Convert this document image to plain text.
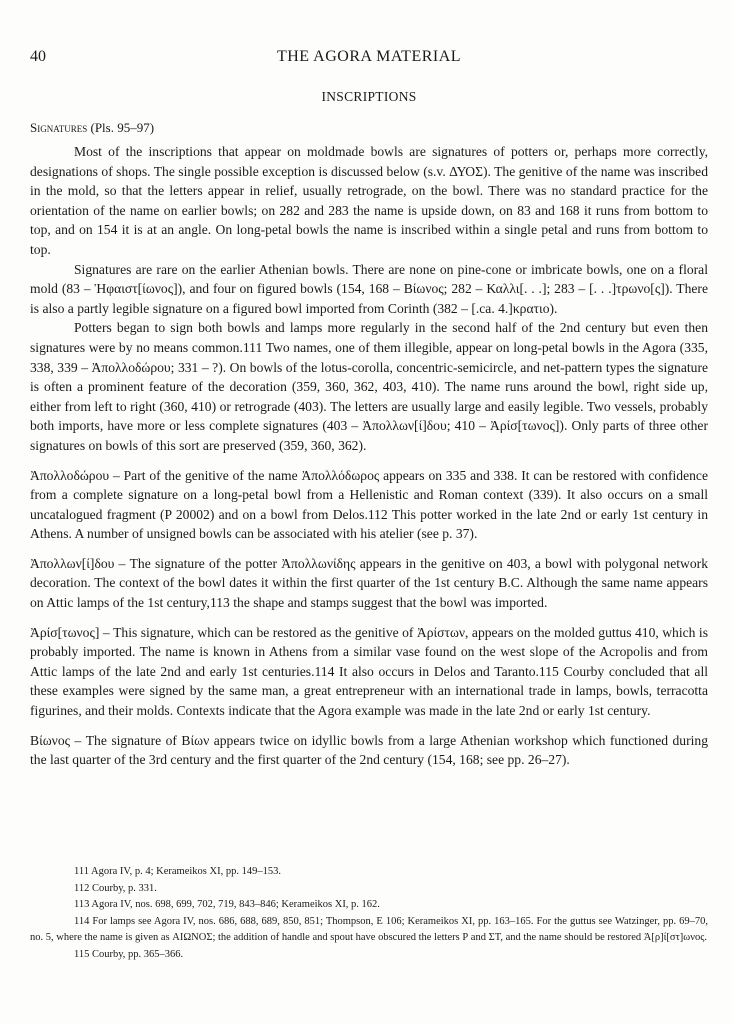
THE AGORA MATERIAL
40
INSCRIPTIONS
Signatures (Pls. 95–97)

Most of the inscriptions that appear on moldmade bowls are signatures of potters or, perhaps more correctly, designations of shops. The single possible exception is discussed below (s.v. ΔΥΟΣ). The genitive of the name was inscribed in the mold, so that the letters appear in relief, usually retrograde, on the bowl. There was no standard practice for the orientation of the name on earlier bowls; on 282 and 283 the name is upside down, on 83 and 168 it runs from bottom to top, and on 154 it is at an angle. On long-petal bowls the name is inscribed within a single petal and runs from bottom to top.

Signatures are rare on the earlier Athenian bowls. There are none on pine-cone or imbricate bowls, one on a floral mold (83 – Ἡφαιστ[ίωνος]), and four on figured bowls (154, 168 – Βίωνος; 282 – Καλλι[. . .]; 283 – [. . .]τρωνο[ς]). There is also a partly legible signature on a figured bowl imported from Corinth (382 – [.ca. 4.]κρατιο).

Potters began to sign both bowls and lamps more regularly in the second half of the 2nd century but even then signatures were by no means common.111 Two names, one of them illegible, appear on long-petal bowls in the Agora (335, 338, 339 – Ἀπολλοδώρου; 331 – ?). On bowls of the lotus-corolla, concentric-semicircle, and net-pattern types the signature is often a prominent feature of the decoration (359, 360, 362, 403, 410). The name runs around the bowl, right side up, either from left to right (360, 410) or retrograde (403). The letters are usually large and easily legible. Two vessels, probably both imports, have more or less complete signatures (403 – Ἀπολλων[ί]δου; 410 – Ἀρίσ[τωνος]). Only parts of three other signatures on bowls of this sort are preserved (359, 360, 362).

Ἀπολλοδώρου – Part of the genitive of the name Ἀπολλόδωρος appears on 335 and 338. It can be restored with confidence from a complete signature on a long-petal bowl from a Hellenistic and Roman context (339). It also occurs on a small uncatalogued fragment (P 20002) and on a bowl from Delos.112 This potter worked in the late 2nd or early 1st century in Athens. A number of unsigned bowls can be associated with his atelier (see p. 37).

Ἀπολλων[ί]δου – The signature of the potter Ἀπολλωνίδης appears in the genitive on 403, a bowl with polygonal network decoration. The context of the bowl dates it within the first quarter of the 1st century B.C. Although the same name appears on Attic lamps of the 1st century,113 the shape and stamps suggest that the bowl was imported.

Ἀρίσ[τωνος] – This signature, which can be restored as the genitive of Ἀρίστων, appears on the molded guttus 410, which is probably imported. The name is known in Athens from a similar vase found on the west slope of the Acropolis and from Attic lamps of the late 2nd and early 1st centuries.114 It also occurs in Delos and Taranto.115 Courby concluded that all these examples were signed by the same man, a great entrepreneur with an international trade in lamps, bowls, terracotta figurines, and their molds. Contexts indicate that the Agora example was made in the late 2nd or early 1st century.

Βίωνος – The signature of Βίων appears twice on idyllic bowls from a large Athenian workshop which functioned during the last quarter of the 3rd century and the first quarter of the 2nd century (154, 168; see pp. 26–27).

111 Agora IV, p. 4; Kerameikos XI, pp. 149–153.

112 Courby, p. 331.

113 Agora IV, nos. 698, 699, 702, 719, 843–846; Kerameikos XI, p. 162.

114 For lamps see Agora IV, nos. 686, 688, 689, 850, 851; Thompson, E 106; Kerameikos XI, pp. 163–165. For the guttus see Watzinger, pp. 69–70, no. 5, where the name is given as ΑΙΩΝΟΣ; the addition of handle and spout have obscured the letters Ρ and ΣΤ, and the name should be restored Ἀ[ρ]ί[στ]ωνος.

115 Courby, pp. 365–366.
